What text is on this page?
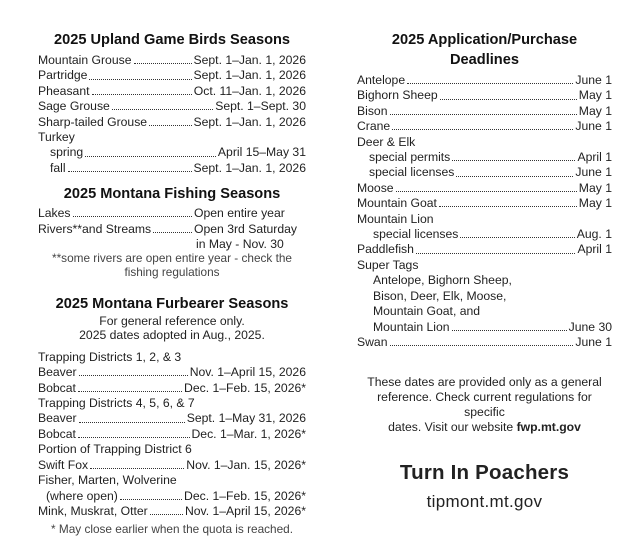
2025 Upland Game Birds Seasons
Mountain Grouse	Sept. 1–Jan. 1, 2026
Partridge	Sept. 1–Jan. 1, 2026
Pheasant	Oct. 11–Jan. 1, 2026
Sage Grouse	Sept. 1–Sept. 30
Sharp-tailed Grouse	Sept. 1–Jan. 1, 2026
Turkey
spring	April 15–May 31
fall	Sept. 1–Jan. 1, 2026
2025 Montana Fishing Seasons
Lakes	Open entire year
Rivers**and Streams	Open 3rd Saturday
in May - Nov. 30
**some rivers are open entire year - check the
fishing regulations
2025 Montana Furbearer Seasons
For general reference only.
2025 dates adopted in Aug., 2025.
Trapping Districts 1, 2, & 3
Beaver	Nov. 1–April 15, 2026
Bobcat	Dec. 1–Feb. 15, 2026*
Trapping Districts 4, 5, 6, & 7
Beaver	Sept. 1–May 31, 2026
Bobcat	Dec. 1–Mar. 1, 2026*
Portion of Trapping District 6
Swift Fox	Nov. 1–Jan. 15, 2026*
Fisher, Marten, Wolverine
(where open)	Dec. 1–Feb. 15, 2026*
Mink, Muskrat, Otter	Nov. 1–April 15, 2026*
* May close earlier when the quota is reached.
2025 Application/Purchase Deadlines
Antelope	June 1
Bighorn Sheep	May 1
Bison	May 1
Crane	June 1
Deer & Elk
special permits	April 1
special licenses	June 1
Moose	May 1
Mountain Goat	May 1
Mountain Lion
special licenses	Aug. 1
Paddlefish	April 1
Super Tags
Antelope, Bighorn Sheep,
Bison, Deer, Elk, Moose,
Mountain Goat, and
Mountain Lion	June 30
Swan	June 1
These dates are provided only as a general
reference. Check current regulations for specific
dates. Visit our website fwp.mt.gov
Turn In Poachers
tipmont.mt.gov
